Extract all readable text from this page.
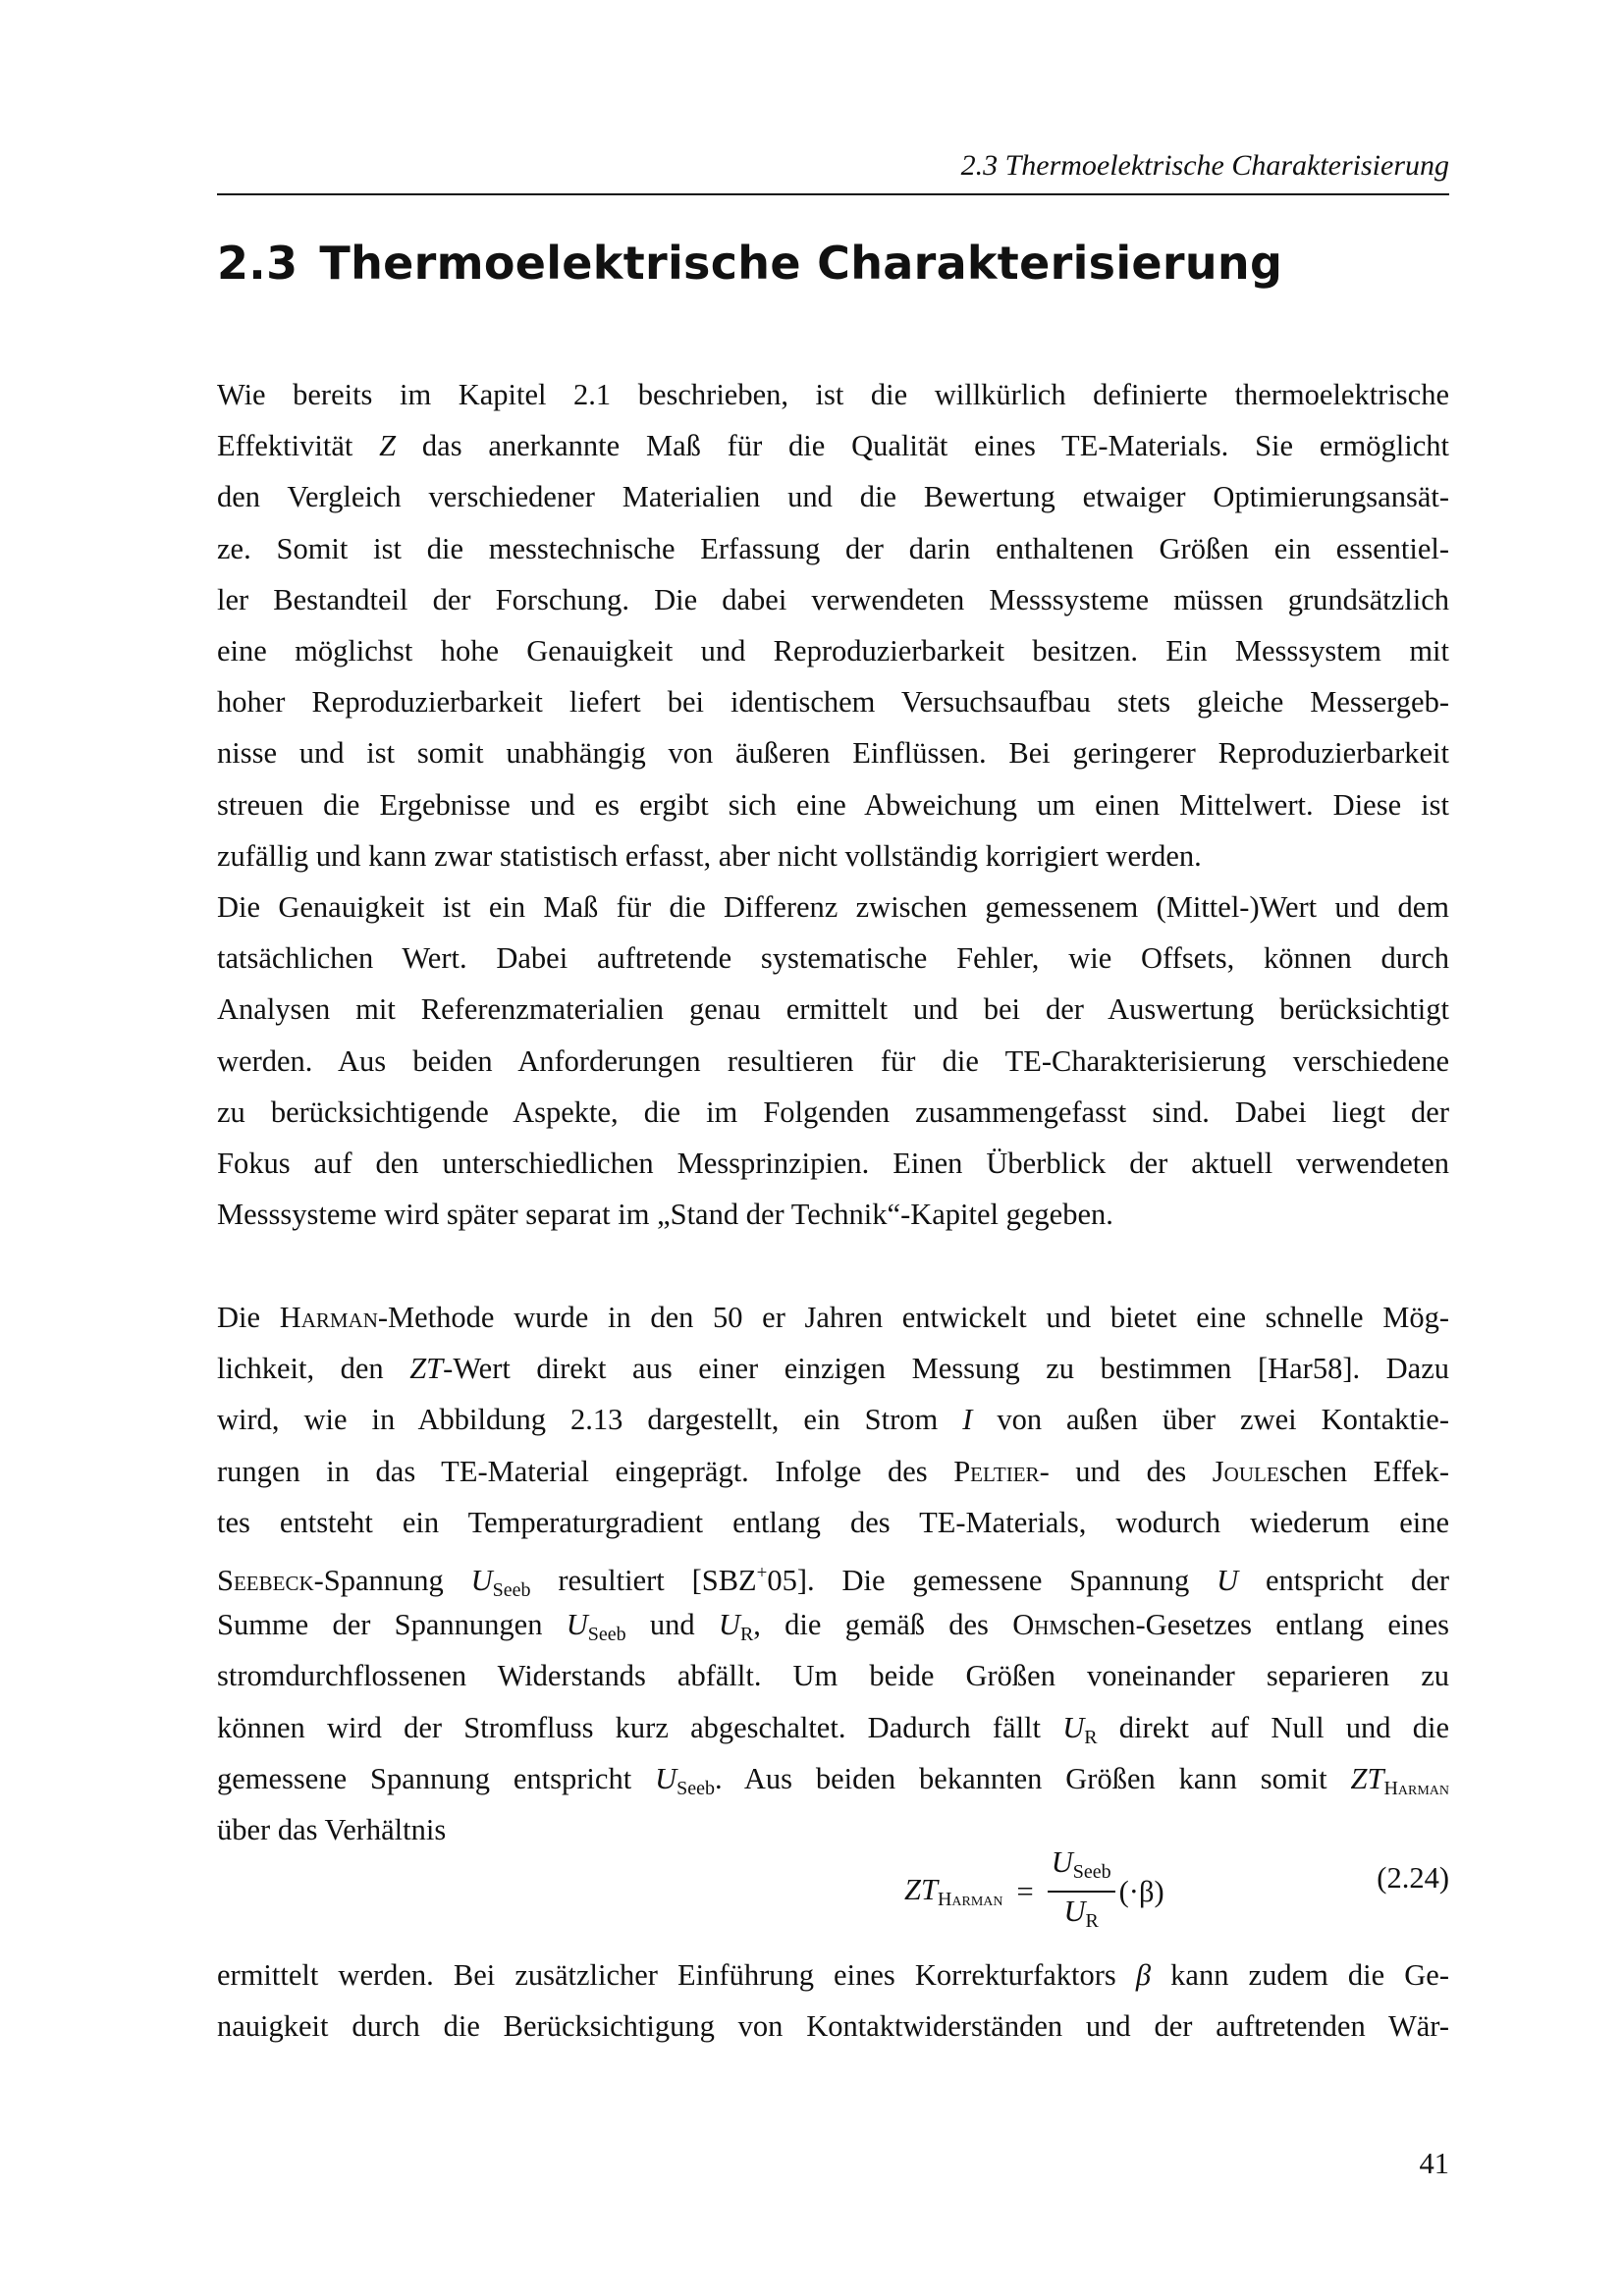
2.3 Thermoelektrische Charakterisierung
2.3 Thermoelektrische Charakterisierung
Wie bereits im Kapitel 2.1 beschrieben, ist die willkürlich definierte thermoelektrische
Effektivität Z das anerkannte Maß für die Qualität eines TE-Materials. Sie ermöglicht
den Vergleich verschiedener Materialien und die Bewertung etwaiger Optimierungsansät-
ze. Somit ist die messtechnische Erfassung der darin enthaltenen Größen ein essentiel-
ler Bestandteil der Forschung. Die dabei verwendeten Messsysteme müssen grundsätzlich
eine möglichst hohe Genauigkeit und Reproduzierbarkeit besitzen. Ein Messsystem mit
hoher Reproduzierbarkeit liefert bei identischem Versuchsaufbau stets gleiche Messergeb-
nisse und ist somit unabhängig von äußeren Einflüssen. Bei geringerer Reproduzierbarkeit
streuen die Ergebnisse und es ergibt sich eine Abweichung um einen Mittelwert. Diese ist
zufällig und kann zwar statistisch erfasst, aber nicht vollständig korrigiert werden.
Die Genauigkeit ist ein Maß für die Differenz zwischen gemessenem (Mittel-)Wert und dem
tatsächlichen Wert. Dabei auftretende systematische Fehler, wie Offsets, können durch
Analysen mit Referenzmaterialien genau ermittelt und bei der Auswertung berücksichtigt
werden. Aus beiden Anforderungen resultieren für die TE-Charakterisierung verschiedene
zu berücksichtigende Aspekte, die im Folgenden zusammengefasst sind. Dabei liegt der
Fokus auf den unterschiedlichen Messprinzipien. Einen Überblick der aktuell verwendeten
Messsysteme wird später separat im „Stand der Technik“-Kapitel gegeben.
Die Harman-Methode wurde in den 50 er Jahren entwickelt und bietet eine schnelle Mög-
lichkeit, den ZT-Wert direkt aus einer einzigen Messung zu bestimmen [Har58]. Dazu
wird, wie in Abbildung 2.13 dargestellt, ein Strom I von außen über zwei Kontaktie-
rungen in das TE-Material eingeprägt. Infolge des Peltier- und des Jouleschen Effek-
tes entsteht ein Temperaturgradient entlang des TE-Materials, wodurch wiederum eine
Seebeck-Spannung $U_{Seeb}$ resultiert [SBZ+05]. Die gemessene Spannung U entspricht der
Summe der Spannungen $U_{Seeb}$ und $U_R$, die gemäß des Ohmschen-Gesetzes entlang eines
stromdurchflossenen Widerstands abfällt. Um beide Größen voneinander separieren zu
können wird der Stromfluss kurz abgeschaltet. Dadurch fällt $U_R$ direkt auf Null und die
gemessene Spannung entspricht $U_{Seeb}$. Aus beiden bekannten Größen kann somit ZTHarman
über das Verhältnis
ZTHarman = $\frac{U_{Seeb}}{U_R} (\cdot\beta)$	(2.24)
ermittelt werden. Bei zusätzlicher Einführung eines Korrekturfaktors β kann zudem die Ge-
nauigkeit durch die Berücksichtigung von Kontaktwiderständen und der auftretenden Wär-
41
